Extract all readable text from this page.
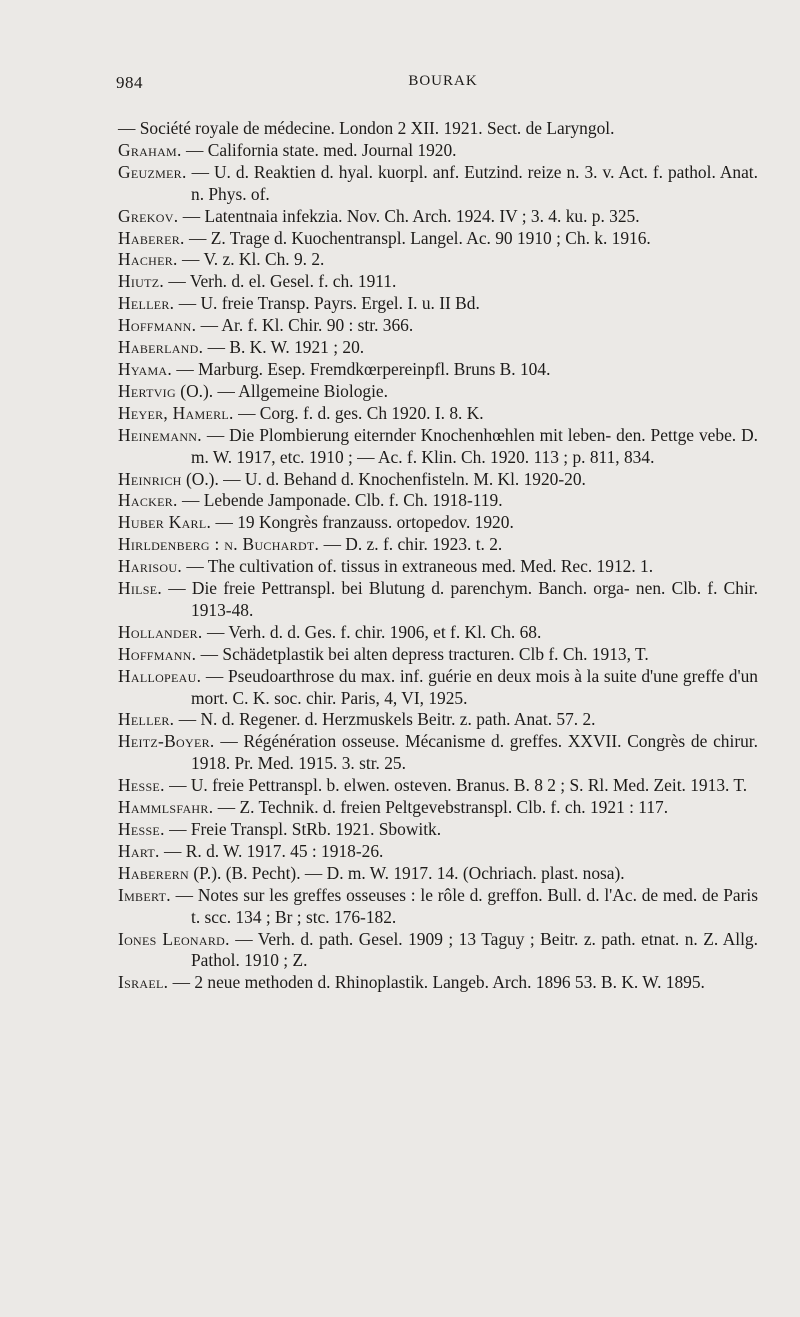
984	BOURAK
— Société royale de médecine. London 2 XII. 1921. Sect. de Laryngol.
Graham. — California state. med. Journal 1920.
Geuzmer. — U. d. Reaktien d. hyal. kuorpl. anf. Eutzind. reize n. 3. v. Act. f. pathol. Anat. n. Phys. of.
Grekov. — Latentnaia infekzia. Nov. Ch. Arch. 1924. IV ; 3. 4. ku. p. 325.
Haberer. — Z. Trage d. Kuochentranspl. Langel. Ac. 90 1910 ; Ch. k. 1916.
Hacher. — V. z. Kl. Ch. 9. 2.
Hiutz. — Verh. d. el. Gesel. f. ch. 1911.
Heller. — U. freie Transp. Payrs. Ergel. I. u. II Bd.
Hoffmann. — Ar. f. Kl. Chir. 90 : str. 366.
Haberland. — B. K. W. 1921 ; 20.
Hyama. — Marburg. Esep. Fremdkœrpereinpfl. Bruns B. 104.
Hertvig (O.). — Allgemeine Biologie.
Heyer, Hamerl. — Corg. f. d. ges. Ch 1920. I. 8. K.
Heinemann. — Die Plombierung eiternder Knochenhœhlen mit leben- den. Pettge vebe. D. m. W. 1917, etc. 1910 ; — Ac. f. Klin. Ch. 1920. 113 ; p. 811, 834.
Heinrich (O.). — U. d. Behand d. Knochenfisteln. M. Kl. 1920-20.
Hacker. — Lebende Jamponade. Clb. f. Ch. 1918-119.
Huber Karl. — 19 Kongrès franzauss. ortopedov. 1920.
Hirldenberg : n. Buchardt. — D. z. f. chir. 1923. t. 2.
Harisou. — The cultivation of. tissus in extraneous med. Med. Rec. 1912. 1.
Hilse. — Die freie Pettranspl. bei Blutung d. parenchym. Banch. orga- nen. Clb. f. Chir. 1913-48.
Hollander. — Verh. d. d. Ges. f. chir. 1906, et f. Kl. Ch. 68.
Hoffmann. — Schädetplastik bei alten depress tracturen. Clb f. Ch. 1913, T.
Hallopeau. — Pseudoarthrose du max. inf. guérie en deux mois à la suite d'une greffe d'un mort. C. K. soc. chir. Paris, 4, VI, 1925.
Heller. — N. d. Regener. d. Herzmuskels Beitr. z. path. Anat. 57. 2.
Heitz-Boyer. — Régénération osseuse. Mécanisme d. greffes. XXVII. Congrès de chirur. 1918. Pr. Med. 1915. 3. str. 25.
Hesse. — U. freie Pettranspl. b. elwen. osteven. Branus. B. 8 2 ; S. Rl. Med. Zeit. 1913. T.
Hammlsfahr. — Z. Technik. d. freien Peltgevebstranspl. Clb. f. ch. 1921 : 117.
Hesse. — Freie Transpl. StRb. 1921. Sbowitk.
Hart. — R. d. W. 1917. 45 : 1918-26.
Haberern (P.). (B. Pecht). — D. m. W. 1917. 14. (Ochriach. plast. nosa).
Imbert. — Notes sur les greffes osseuses : le rôle d. greffon. Bull. d. l'Ac. de med. de Paris t. scc. 134 ; Br ; stc. 176-182.
Iones Leonard. — Verh. d. path. Gesel. 1909 ; 13 Taguy ; Beitr. z. path. etnat. n. Z. Allg. Pathol. 1910 ; Z.
Israel. — 2 neue methoden d. Rhinoplastik. Langeb. Arch. 1896 53. B. K. W. 1895.
